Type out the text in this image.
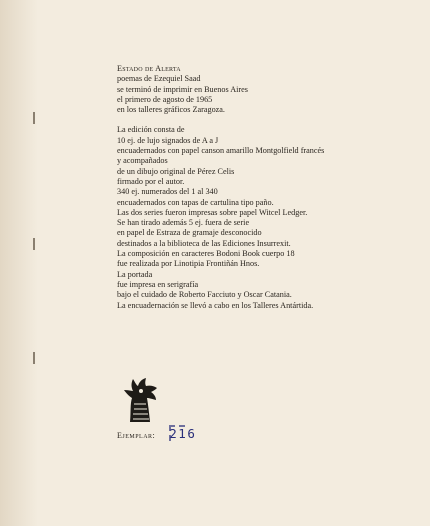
Estado de Alerta

poemas de Ezequiel Saad

se terminó de imprimir en Buenos Aires

el primero de agosto de 1965

en los talleres gráficos Zaragoza.

La edición consta de

10 ej. de lujo signados de A a J

encuadernados con papel canson amarillo Montgolfield francés

y acompañados

de un dibujo original de Pérez Celis

firmado por el autor.

340 ej. numerados del 1 al 340

encuadernados con tapas de cartulina tipo paño.

Las dos series fueron impresas sobre papel Witcel Ledger.

Se han tirado además 5 ej. fuera de serie

en papel de Estraza de gramaje desconocido

destinados a la biblioteca de las Ediciones Insurrexit.

La composición en caracteres Bodoni Book cuerpo 18

fue realizada por Linotipia Frontiñán Hnos.

La portada

fue impresa en serigrafía

bajo el cuidado de Roberto Facciuto y Oscar Catania.

La encuadernación se llevó a cabo en los Talleres Antártida.

Ejemplar: 216
